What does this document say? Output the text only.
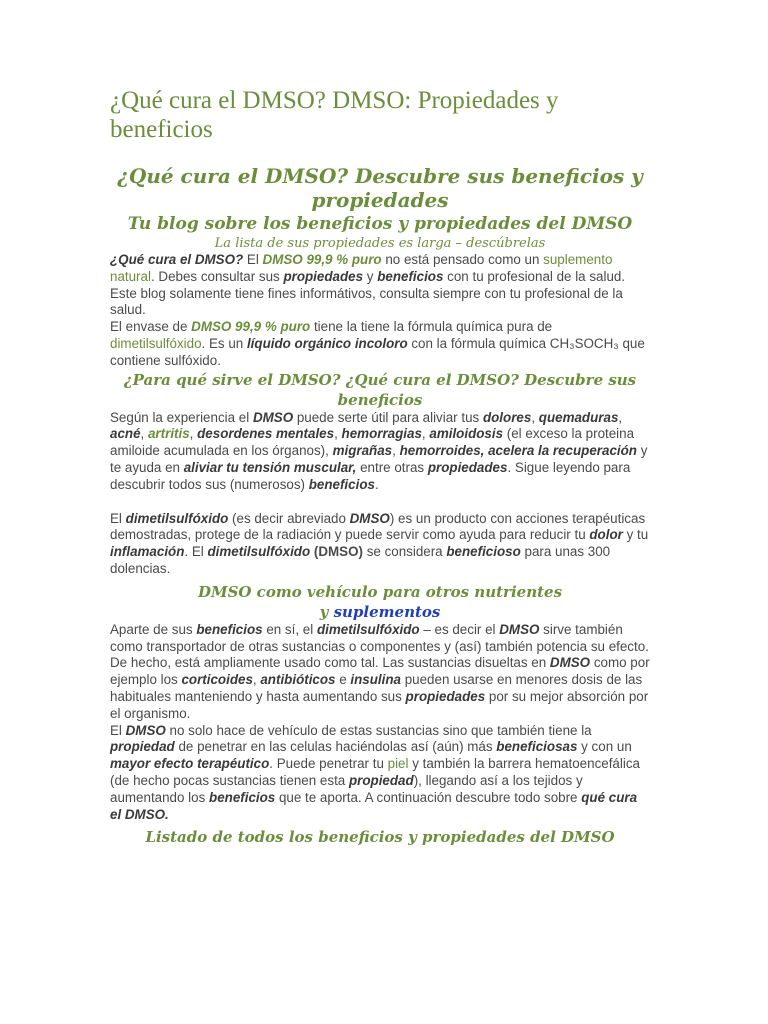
¿Qué cura el DMSO? DMSO: Propiedades y beneficios
¿Qué cura el DMSO? Descubre sus beneficios y propiedades
Tu blog sobre los beneficios y propiedades del DMSO
La lista de sus propiedades es larga – descúbrelas

¿Qué cura el DMSO? El DMSO 99,9 % puro no está pensado como un suplemento natural. Debes consultar sus propiedades y beneficios con tu profesional de la salud. Este blog solamente tiene fines informátivos, consulta siempre con tu profesional de la salud.

El envase de DMSO 99,9 % puro tiene la tiene la fórmula química pura de dimetilsulfóxido. Es un líquido orgánico incoloro con la fórmula química CH₃SOCH₃ que contiene sulfóxido.

¿Para qué sirve el DMSO? ¿Qué cura el DMSO? Descubre sus beneficios

Según la experiencia el DMSO puede serte útil para aliviar tus dolores, quemaduras, acné, artritis, desordenes mentales, hemorragias, amiloidosis (el exceso la proteina amiloide acumulada en los órganos), migrañas, hemorroides, acelera la recuperación y te ayuda en aliviar tu tensión muscular, entre otras propiedades. Sigue leyendo para descubrir todos sus (numerosos) beneficios.

El dimetilsulfóxido (es decir abreviado DMSO) es un producto con acciones terapéuticas demostradas, protege de la radiación y puede servir como ayuda para reducir tu dolor y tu inflamación. El dimetilsulfóxido (DMSO) se considera beneficioso para unas 300 dolencias.

DMSO como vehículo para otros nutrientes
y suplementos

Aparte de sus beneficios en sí, el dimetilsulfóxido – es decir el DMSO sirve también como transportador de otras sustancias o componentes y (así) también potencia su efecto. De hecho, está ampliamente usado como tal. Las sustancias disueltas en DMSO como por ejemplo los corticoides, antibióticos e insulina pueden usarse en menores dosis de las habituales manteniendo y hasta aumentando sus propiedades por su mejor absorción por el organismo.

El DMSO no solo hace de vehículo de estas sustancias sino que también tiene la propiedad de penetrar en las celulas haciéndolas así (aún) más beneficiosas y con un mayor efecto terapéutico. Puede penetrar tu piel y también la barrera hematoencefálica (de hecho pocas sustancias tienen esta propiedad), llegando así a los tejidos y aumentando los beneficios que te aporta. A continuación descubre todo sobre qué cura el DMSO.

Listado de todos los beneficios y propiedades del DMSO
